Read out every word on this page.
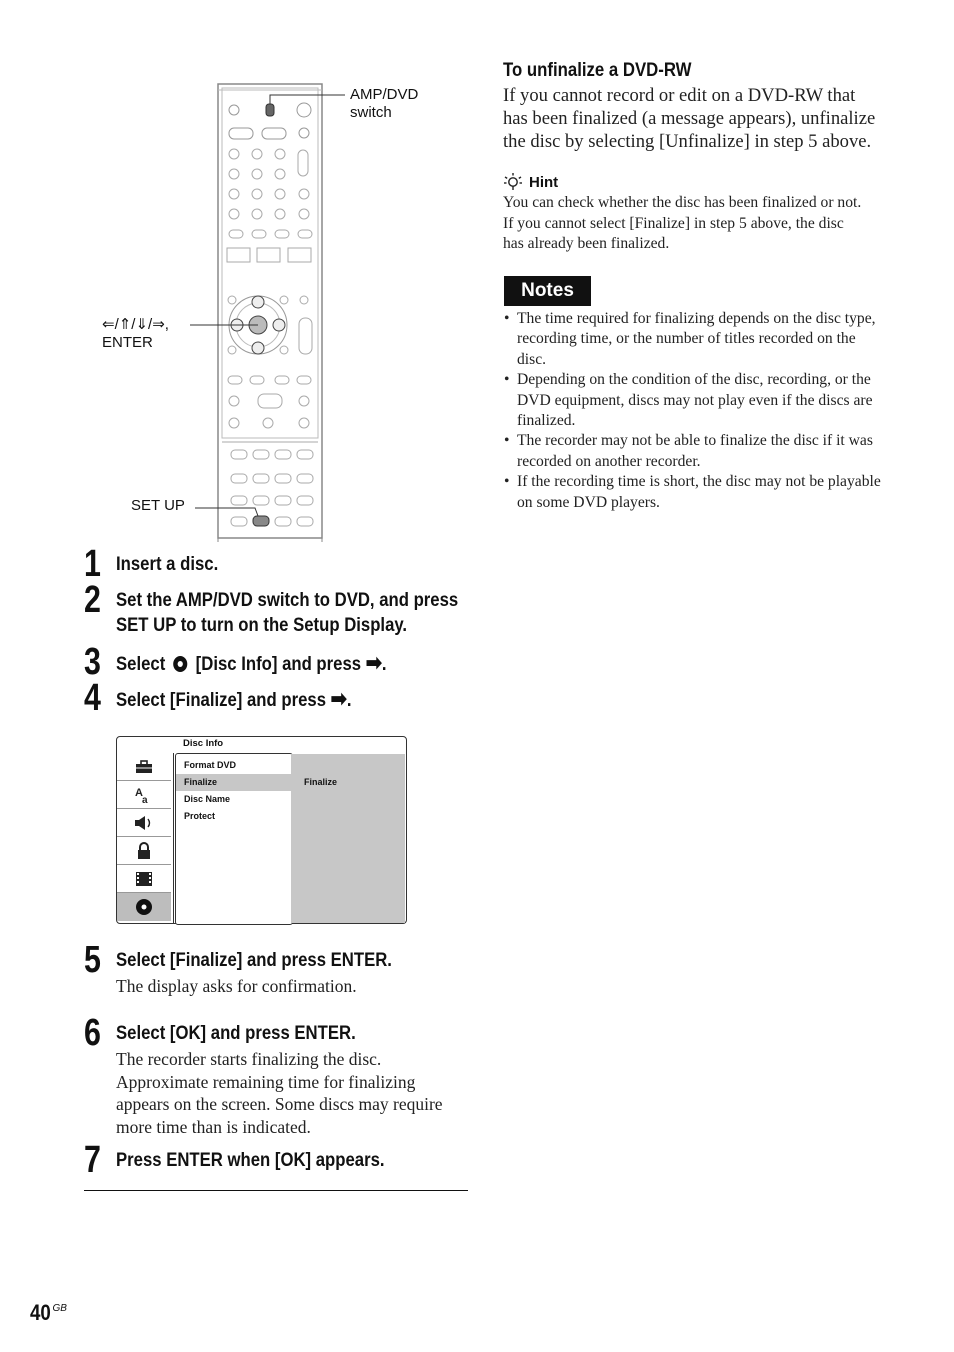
AMP/DVD
switch
⇐/⇑/⇓/⇒,
ENTER
SET UP
1 Insert a disc.
2 Set the AMP/DVD switch to DVD, and press
SET UP to turn on the Setup Display.
3 Select [Disc Info] and press ➡.
4 Select [Finalize] and press ➡.
Disc Info
A
a
Format DVD
Finalize
Disc Name
Protect
Finalize
5 Select [Finalize] and press ENTER.
The display asks for confirmation.
6 Select [OK] and press ENTER.
The recorder starts finalizing the disc.
Approximate remaining time for finalizing
appears on the screen. Some discs may require
more time than is indicated.
7 Press ENTER when [OK] appears.
To unfinalize a DVD-RW
If you cannot record or edit on a DVD-RW that
has been finalized (a message appears), unfinalize
the disc by selecting [Unfinalize] in step 5 above.
Hint
You can check whether the disc has been finalized or not.
If you cannot select [Finalize] in step 5 above, the disc
has already been finalized.
Notes
• The time required for finalizing depends on the disc type, recording time, or the number of titles recorded on the disc.
• Depending on the condition of the disc, recording, or the DVD equipment, discs may not play even if the discs are finalized.
• The recorder may not be able to finalize the disc if it was recorded on another recorder.
• If the recording time is short, the disc may not be playable on some DVD players.
40 $^{GB}$
